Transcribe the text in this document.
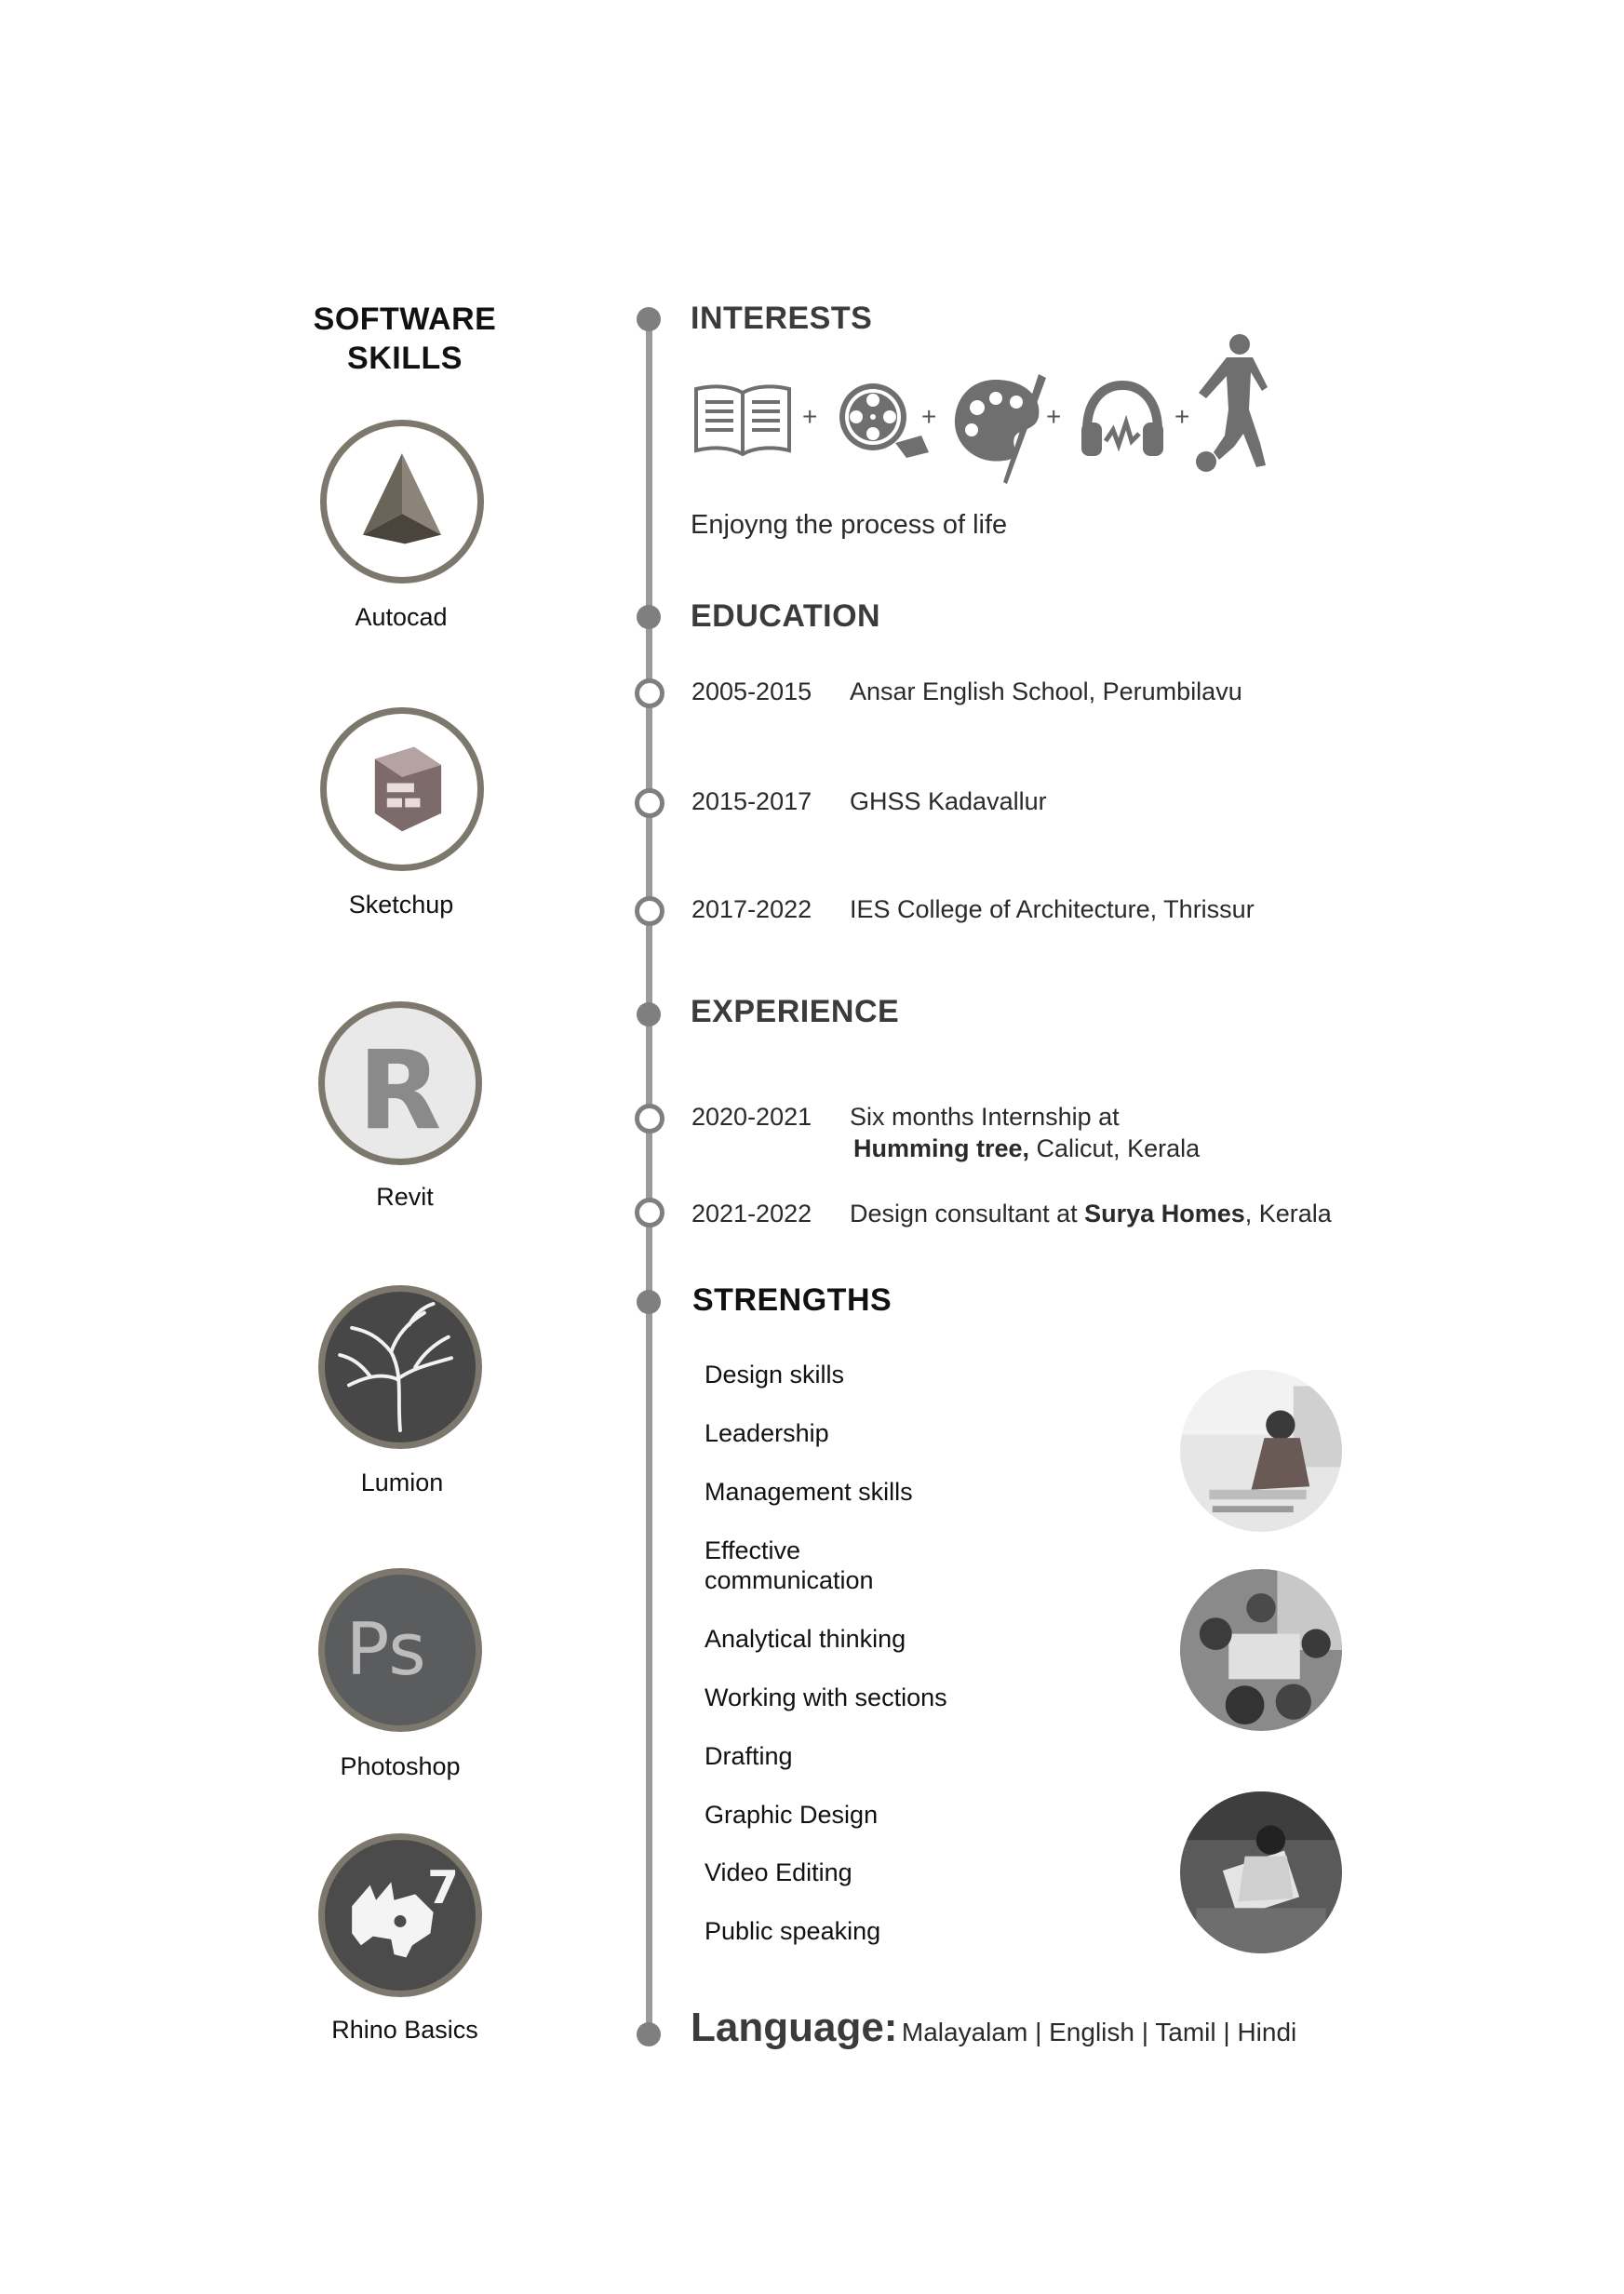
SOFTWARE
SKILLS
Autocad
Sketchup
R
Revit
Lumion
Ps
Photoshop
7
Rhino Basics
INTERESTS
+	+	+	+
Enjoyng the process of life
EDUCATION
2005-2015 Ansar English School, Perumbilavu
2015-2017 GHSS Kadavallur
2017-2022 IES College of Architecture, Thrissur
EXPERIENCE
2020-2021 Six months Internship at
Humming tree, Calicut, Kerala
2021-2022 Design consultant at Surya Homes, Kerala
STRENGTHS
Design skills
Leadership
Management skills
Effective
communication
Analytical thinking
Working with sections
Drafting
Graphic Design
Video Editing
Public speaking
Language: Malayalam | English | Tamil | Hindi
